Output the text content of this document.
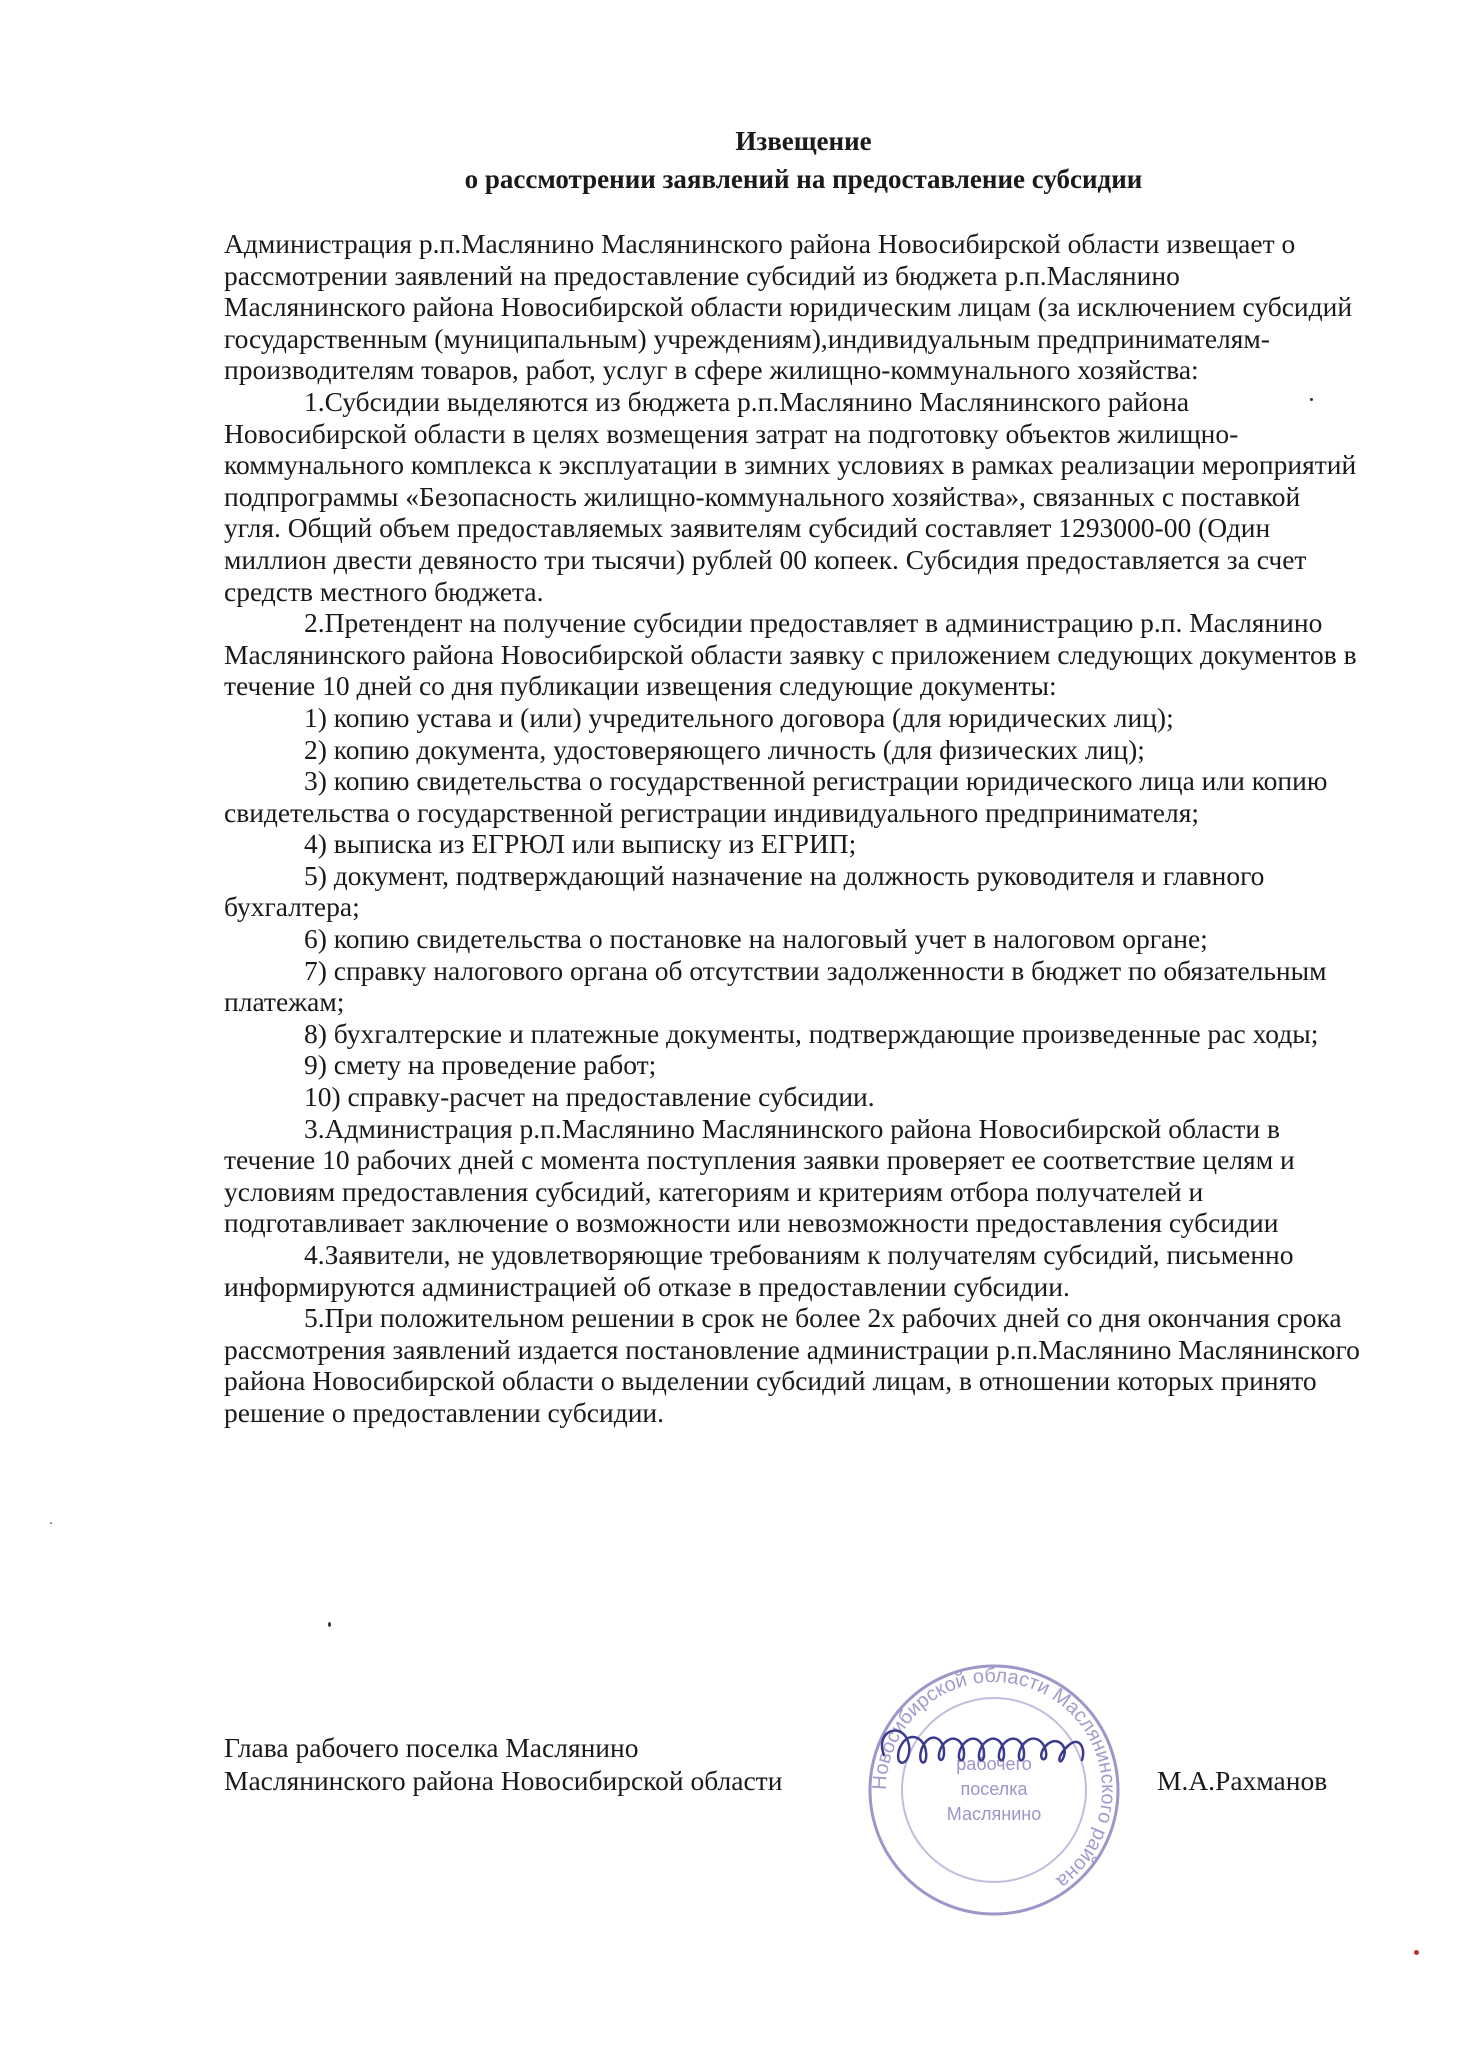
Извещение
о рассмотрении заявлений на предоставление субсидии

Администрация р.п.Маслянино Маслянинского района Новосибирской области извещает о рассмотрении заявлений на предоставление субсидий из бюджета р.п.Маслянино Маслянинского района Новосибирской области юридическим лицам (за исключением субсидий государственным (муниципальным) учреждениям),индивидуальным предпринимателям-производителям товаров, работ, услуг в сфере жилищно-коммунального хозяйства:

1.Субсидии выделяются из бюджета р.п.Маслянино Маслянинского района Новосибирской области в целях возмещения затрат на подготовку объектов жилищно-коммунального комплекса к эксплуатации в зимних условиях в рамках реализации мероприятий подпрограммы «Безопасность жилищно-коммунального хозяйства», связанных с поставкой угля. Общий объем предоставляемых заявителям субсидий составляет 1293000-00 (Один миллион двести девяносто три тысячи) рублей 00 копеек. Субсидия предоставляется за счет средств местного бюджета.

2.Претендент на получение субсидии предоставляет в администрацию р.п. Маслянино Маслянинского района Новосибирской области заявку с приложением следующих документов в течение 10 дней со дня публикации извещения следующие документы:

1) копию устава и (или) учредительного договора (для юридических лиц);

2) копию документа, удостоверяющего личность (для физических лиц);

3) копию свидетельства о государственной регистрации юридического лица или копию свидетельства о государственной регистрации индивидуального предпринимателя;

4) выписка из ЕГРЮЛ или выписку из ЕГРИП;

5) документ, подтверждающий назначение на должность руководителя и главного бухгалтера;

6) копию свидетельства о постановке на налоговый учет в налоговом органе;

7) справку налогового органа об отсутствии задолженности в бюджет по обязательным платежам;

8) бухгалтерские и платежные документы, подтверждающие произведенные рас ходы;

9) смету на проведение работ;

10) справку-расчет на предоставление субсидии.

3.Администрация р.п.Маслянино Маслянинского района Новосибирской области в течение 10 рабочих дней с момента поступления заявки проверяет ее соответствие целям и условиям предоставления субсидий, категориям и критериям отбора получателей и подготавливает заключение о возможности или невозможности предоставления субсидии

4.Заявители, не удовлетворяющие требованиям к получателям субсидий, письменно информируются администрацией об отказе в предоставлении субсидии.

5.При положительном решении в срок не более 2х рабочих дней со дня окончания срока рассмотрения заявлений издается постановление администрации р.п.Маслянино Маслянинского района Новосибирской области о выделении субсидий лицам, в отношении которых принято решение о предоставлении субсидии.

Глава рабочего поселка Маслянино
Маслянинского района Новосибирской области	Новосибирской области Маслянинского района
рабочего
поселка
Маслянино
М.А.Рахманов
